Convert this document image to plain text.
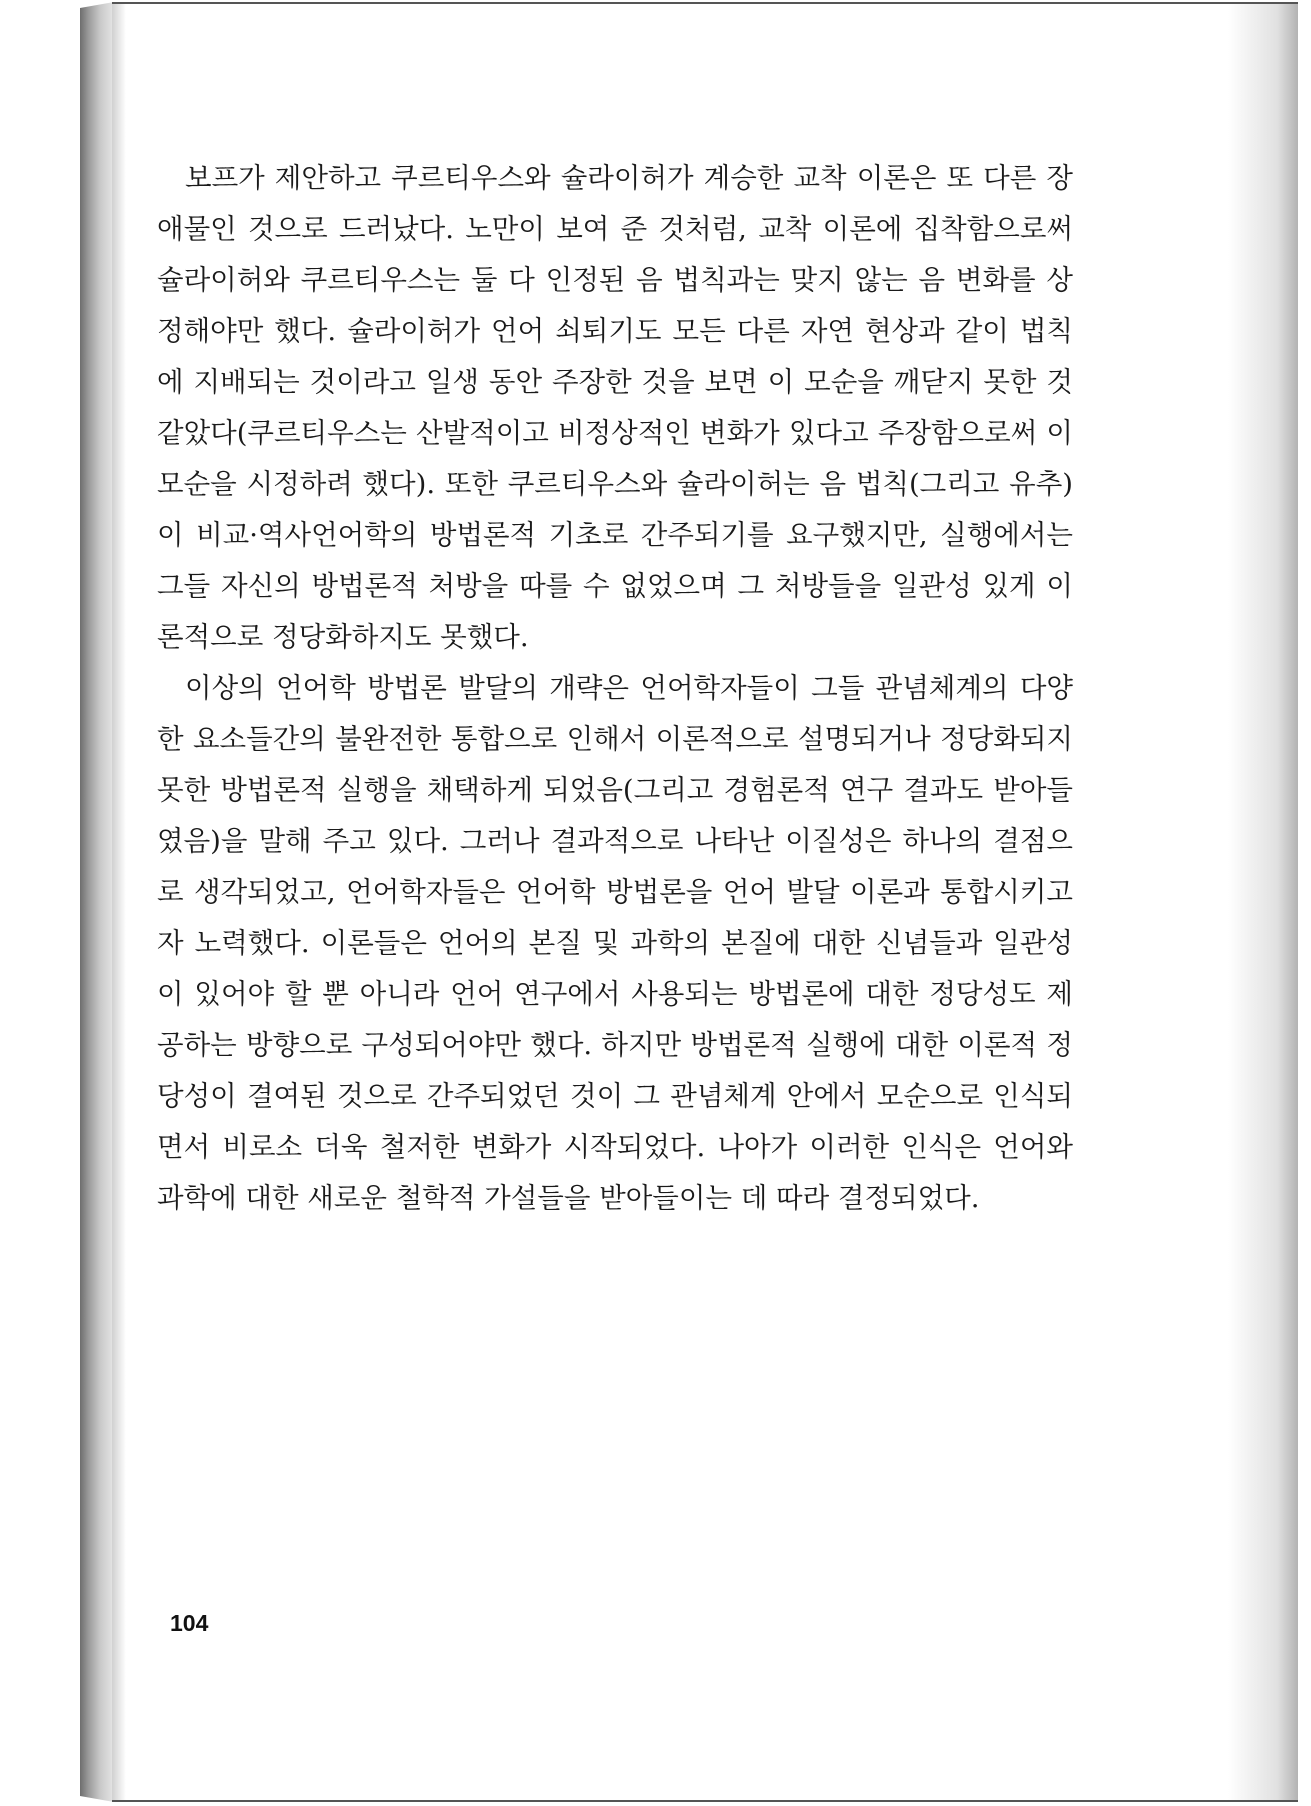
보프가 제안하고 쿠르티우스와 슐라이허가 계승한 교착 이론은 또 다른 장애물인 것으로 드러났다. 노만이 보여 준 것처럼, 교착 이론에 집착함으로써 슐라이허와 쿠르티우스는 둘 다 인정된 음 법칙과는 맞지 않는 음 변화를 상정해야만 했다. 슐라이허가 언어 쇠퇴기도 모든 다른 자연 현상과 같이 법칙에 지배되는 것이라고 일생 동안 주장한 것을 보면 이 모순을 깨닫지 못한 것 같았다(쿠르티우스는 산발적이고 비정상적인 변화가 있다고 주장함으로써 이 모순을 시정하려 했다). 또한 쿠르티우스와 슐라이허는 음 법칙(그리고 유추)이 비교·역사언어학의 방법론적 기초로 간주되기를 요구했지만, 실행에서는 그들 자신의 방법론적 처방을 따를 수 없었으며 그 처방들을 일관성 있게 이론적으로 정당화하지도 못했다.

이상의 언어학 방법론 발달의 개략은 언어학자들이 그들 관념체계의 다양한 요소들간의 불완전한 통합으로 인해서 이론적으로 설명되거나 정당화되지 못한 방법론적 실행을 채택하게 되었음(그리고 경험론적 연구 결과도 받아들였음)을 말해 주고 있다. 그러나 결과적으로 나타난 이질성은 하나의 결점으로 생각되었고, 언어학자들은 언어학 방법론을 언어 발달 이론과 통합시키고자 노력했다. 이론들은 언어의 본질 및 과학의 본질에 대한 신념들과 일관성이 있어야 할 뿐 아니라 언어 연구에서 사용되는 방법론에 대한 정당성도 제공하는 방향으로 구성되어야만 했다. 하지만 방법론적 실행에 대한 이론적 정당성이 결여된 것으로 간주되었던 것이 그 관념체계 안에서 모순으로 인식되면서 비로소 더욱 철저한 변화가 시작되었다. 나아가 이러한 인식은 언어와 과학에 대한 새로운 철학적 가설들을 받아들이는 데 따라 결정되었다.

104
